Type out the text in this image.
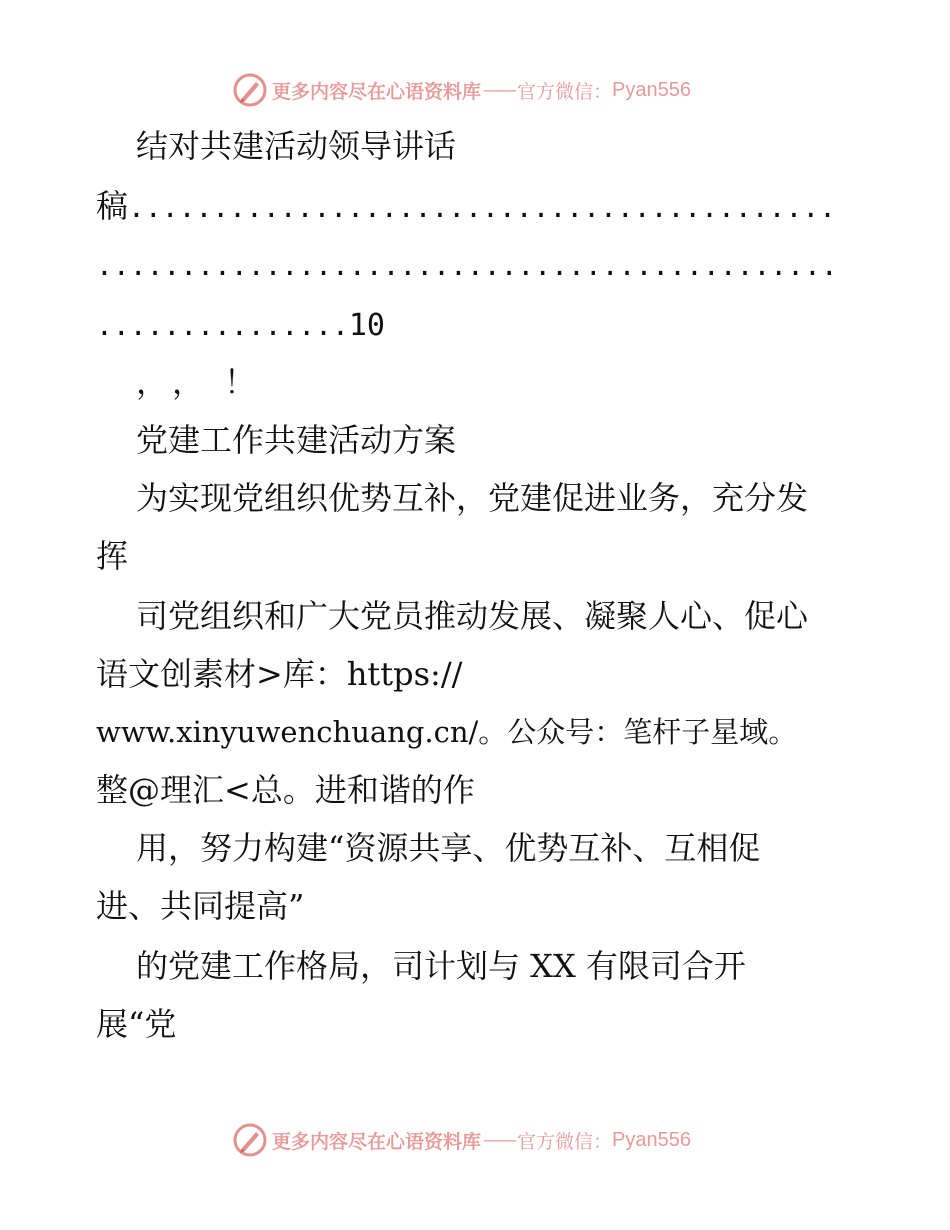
更多内容尽在心语资料库 —— 官方微信： Pyan556
结对共建活动领导讲话
稿..........................................
............................................
...............10
，，！
党建工作共建活动方案
为实现党组织优势互补，党建促进业务，充分发
挥
司党组织和广大党员推动发展、凝聚人心、促心
语文创素材>库：https://
www.xinyuwenchuang.cn/。公众号：笔杆子星域。
整@理汇<总。进和谐的作
用，努力构建“资源共享、优势互补、互相促
进、共同提高”
的党建工作格局，司计划与 XX 有限司合开
展“党
更多内容尽在心语资料库 —— 官方微信： Pyan556
